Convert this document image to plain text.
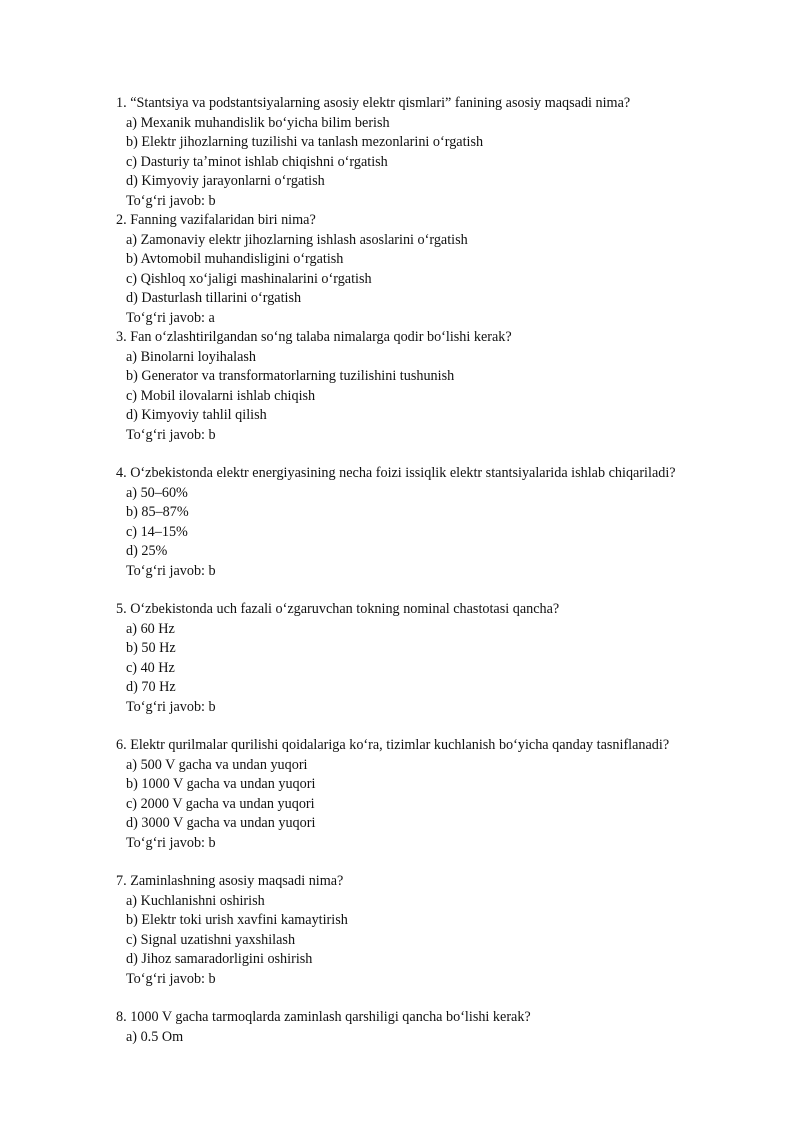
1. “Stantsiya va podstantsiyalarning asosiy elektr qismlari” fanining asosiy maqsadi nima?
a) Mexanik muhandislik boʻyicha bilim berish
b) Elektr jihozlarning tuzilishi va tanlash mezonlarini oʻrgatish
c) Dasturiy taʼminot ishlab chiqishni oʻrgatish
d) Kimyoviy jarayonlarni oʻrgatish
Toʻgʻri javob: b
2. Fanning vazifalaridan biri nima?
a) Zamonaviy elektr jihozlarning ishlash asoslarini oʻrgatish
b) Avtomobil muhandisligini oʻrgatish
c) Qishloq xoʻjaligi mashinalarini oʻrgatish
d) Dasturlash tillarini oʻrgatish
Toʻgʻri javob: a
3. Fan oʻzlashtirilgandan soʻng talaba nimalarga qodir boʻlishi kerak?
a) Binolarni loyihalash
b) Generator va transformatorlarning tuzilishini tushunish
c) Mobil ilovalarni ishlab chiqish
d) Kimyoviy tahlil qilish
Toʻgʻri javob: b
4. Oʻzbekistonda elektr energiyasining necha foizi issiqlik elektr stantsiyalarida ishlab chiqariladi?
a) 50–60%
b) 85–87%
c) 14–15%
d) 25%
Toʻgʻri javob: b
5. Oʻzbekistonda uch fazali oʻzgaruvchan tokning nominal chastotasi qancha?
a) 60 Hz
b) 50 Hz
c) 40 Hz
d) 70 Hz
Toʻgʻri javob: b
6. Elektr qurilmalar qurilishi qoidalariga koʻra, tizimlar kuchlanish boʻyicha qanday tasniflanadi?
a) 500 V gacha va undan yuqori
b) 1000 V gacha va undan yuqori
c) 2000 V gacha va undan yuqori
d) 3000 V gacha va undan yuqori
Toʻgʻri javob: b
7. Zaminlashning asosiy maqsadi nima?
a) Kuchlanishni oshirish
b) Elektr toki urish xavfini kamaytirish
c) Signal uzatishni yaxshilash
d) Jihoz samaradorligini oshirish
Toʻgʻri javob: b
8. 1000 V gacha tarmoqlarda zaminlash qarshiligi qancha boʻlishi kerak?
a) 0.5 Om
